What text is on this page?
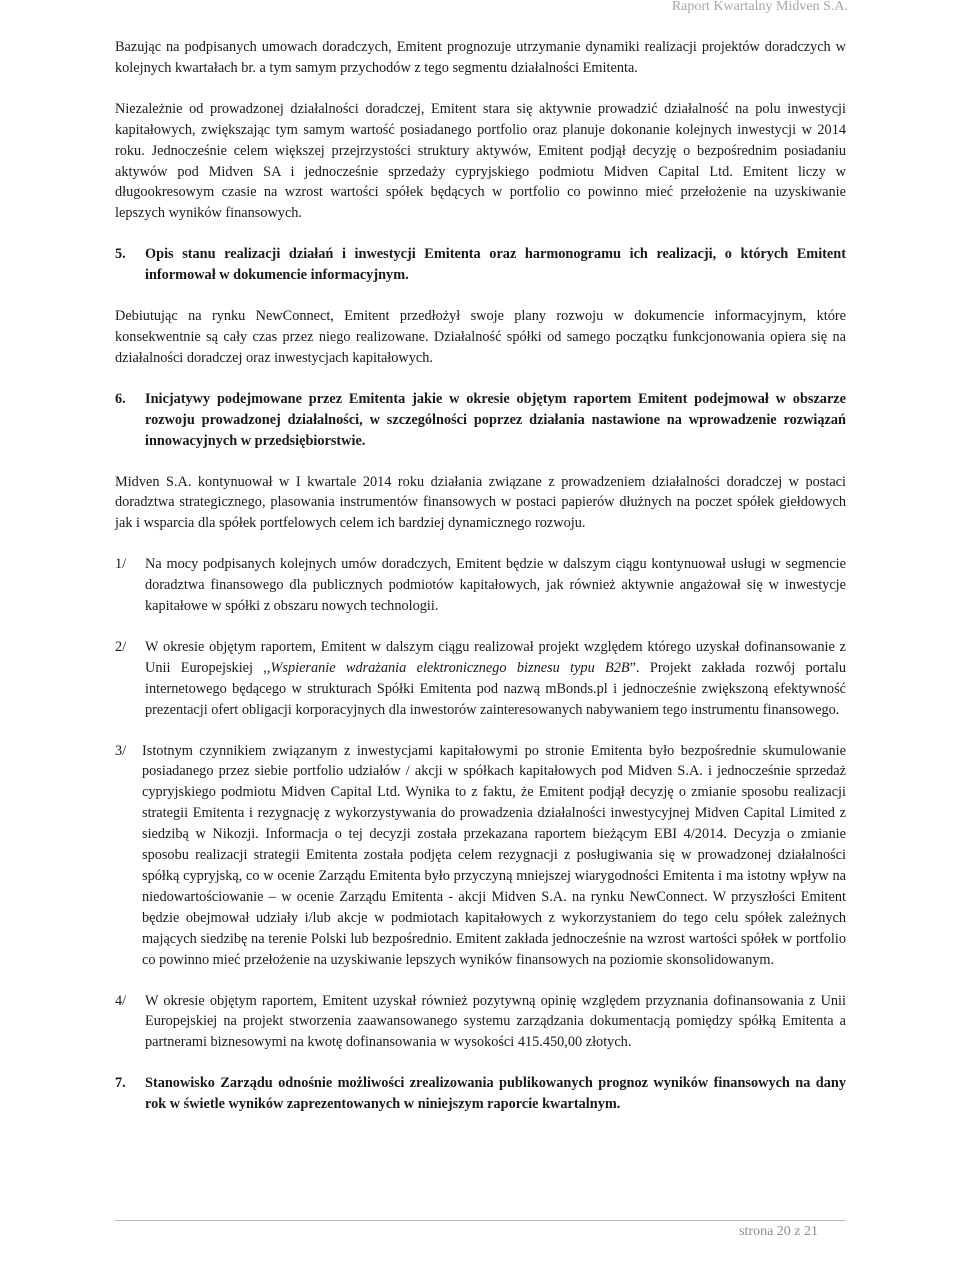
Raport Kwartalny Midven S.A.

Bazując na podpisanych umowach doradczych, Emitent prognozuje utrzymanie dynamiki realizacji projektów doradczych w kolejnych kwartałach br. a tym samym przychodów z tego segmentu działalności Emitenta.

Niezależnie od prowadzonej działalności doradczej, Emitent stara się aktywnie prowadzić działalność na polu inwestycji kapitałowych, zwiększając tym samym wartość posiadanego portfolio oraz planuje dokonanie kolejnych inwestycji w 2014 roku. Jednocześnie celem większej przejrzystości struktury aktywów, Emitent podjął decyzję o bezpośrednim posiadaniu aktywów pod Midven SA i jednocześnie sprzedaży cypryjskiego podmiotu Midven Capital Ltd. Emitent liczy w długookresowym czasie na wzrost wartości spółek będących w portfolio co powinno mieć przełożenie na uzyskiwanie lepszych wyników finansowych.

5.	Opis stanu realizacji działań i inwestycji Emitenta oraz harmonogramu ich realizacji, o których Emitent informował w dokumencie informacyjnym.

Debiutując na rynku NewConnect, Emitent przedłożył swoje plany rozwoju w dokumencie informacyjnym, które konsekwentnie są cały czas przez niego realizowane. Działalność spółki od samego początku funkcjonowania opiera się na działalności doradczej oraz inwestycjach kapitałowych.

6.	Inicjatywy podejmowane przez Emitenta jakie w okresie objętym raportem Emitent podejmował w obszarze rozwoju prowadzonej działalności, w szczególności poprzez działania nastawione na wprowadzenie rozwiązań innowacyjnych w przedsiębiorstwie.

Midven S.A. kontynuował w I kwartale 2014 roku działania związane z prowadzeniem działalności doradczej w postaci doradztwa strategicznego, plasowania instrumentów finansowych w postaci papierów dłużnych na poczet spółek giełdowych jak i wsparcia dla spółek portfelowych celem ich bardziej dynamicznego rozwoju.

1/	Na mocy podpisanych kolejnych umów doradczych, Emitent będzie w dalszym ciągu kontynuował usługi w segmencie doradztwa finansowego dla publicznych podmiotów kapitałowych, jak również aktywnie angażował się w inwestycje kapitałowe w spółki z obszaru nowych technologii.
2/	W okresie objętym raportem, Emitent w dalszym ciągu realizował projekt względem którego uzyskał dofinansowanie z Unii Europejskiej ,,Wspieranie wdrażania elektronicznego biznesu typu B2B”. Projekt zakłada rozwój portalu internetowego będącego w strukturach Spółki Emitenta pod nazwą mBonds.pl i jednocześnie zwiększoną efektywność prezentacji ofert obligacji korporacyjnych dla inwestorów zainteresowanych nabywaniem tego instrumentu finansowego.
3/	Istotnym czynnikiem związanym z inwestycjami kapitałowymi po stronie Emitenta było bezpośrednie skumulowanie posiadanego przez siebie portfolio udziałów / akcji w spółkach kapitałowych pod Midven S.A. i jednocześnie sprzedaż cypryjskiego podmiotu Midven Capital Ltd. Wynika to z faktu, że Emitent podjął decyzję o zmianie sposobu realizacji strategii Emitenta i rezygnację z wykorzystywania do prowadzenia działalności inwestycyjnej Midven Capital Limited z siedzibą w Nikozji. Informacja o tej decyzji została przekazana raportem bieżącym EBI 4/2014. Decyzja o zmianie sposobu realizacji strategii Emitenta została podjęta celem rezygnacji z posługiwania się w prowadzonej działalności spółką cypryjską, co w ocenie Zarządu Emitenta było przyczyną mniejszej wiarygodności Emitenta i ma istotny wpływ na niedowartościowanie – w ocenie Zarządu Emitenta - akcji Midven S.A. na rynku NewConnect. W przyszłości Emitent będzie obejmował udziały i/lub akcje w podmiotach kapitałowych z wykorzystaniem do tego celu spółek zależnych mających siedzibę na terenie Polski lub bezpośrednio. Emitent zakłada jednocześnie na wzrost wartości spółek w portfolio co powinno mieć przełożenie na uzyskiwanie lepszych wyników finansowych na poziomie skonsolidowanym.
4/	W okresie objętym raportem, Emitent uzyskał również pozytywną opinię względem przyznania dofinansowania z Unii Europejskiej na projekt stworzenia zaawansowanego systemu zarządzania dokumentacją pomiędzy spółką Emitenta a partnerami biznesowymi na kwotę dofinansowania w wysokości 415.450,00 złotych.
7.	Stanowisko Zarządu odnośnie możliwości zrealizowania publikowanych prognoz wyników finansowych na dany rok w świetle wyników zaprezentowanych w niniejszym raporcie kwartalnym.
strona 20 z 21
